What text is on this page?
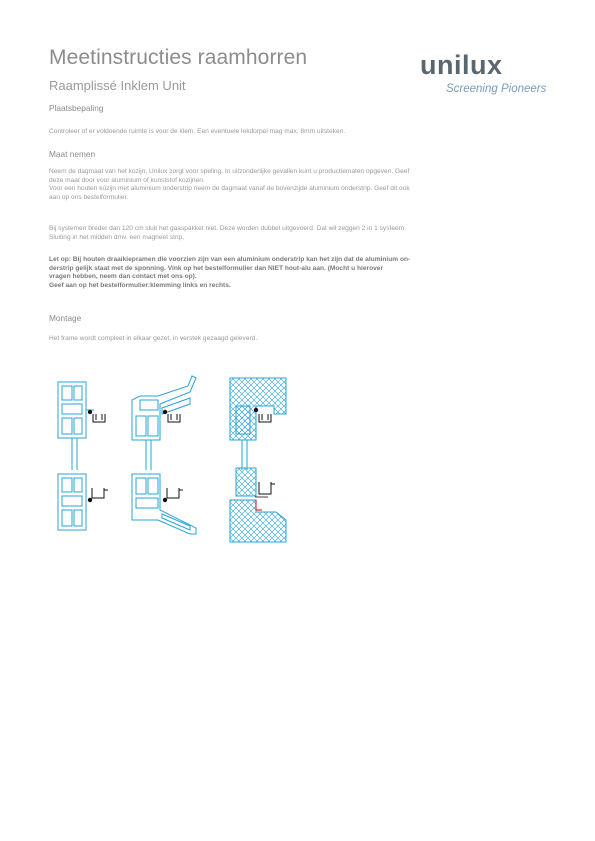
Meetinstructies raamhorren
Raamplissé Inklem Unit
unilux
Screening Pioneers
Plaatsbepaling
Controleer of er voldoende ruimte is voor de klem. Een eventuele lekdorpel mag max. 8mm uitsteken.
Maat nemen
Neem de dagmaat van het kozijn. Unilux zorgt voor speling. In uitzonderlijke gevallen kunt u productiematen opgeven. Geef
deze maat door voor aluminium of kunststof kozijnen.
Voor een houten kozijn met aluminium onderstrip neem de dagmaat vanaf de bovenzijde aluminium onderstrip. Geef dit ook
aan op ons bestelformulier.
Bij systemen breder dan 120 cm sluit het gaaspakket niet. Deze worden dubbel uitgevoerd. Dat wil zeggen 2 in 1 systeem.
Sluiting in het midden dmv. een magneet strip.
Let op: Bij houten draaikiepramen die voorzien zijn van een aluminium onderstrip kan het zijn dat de aluminium on-
derstrip gelijk staat met de sponning. Vink op het bestelformulier dan NIET hout-alu aan. (Mocht u hierover
vragen hebben, neem dan contact met ons op).
Geef aan op het bestelformulier:klemming links en rechts.
Montage
Het frame wordt compleet in elkaar gezet, in verstek gezaagd geleverd.
